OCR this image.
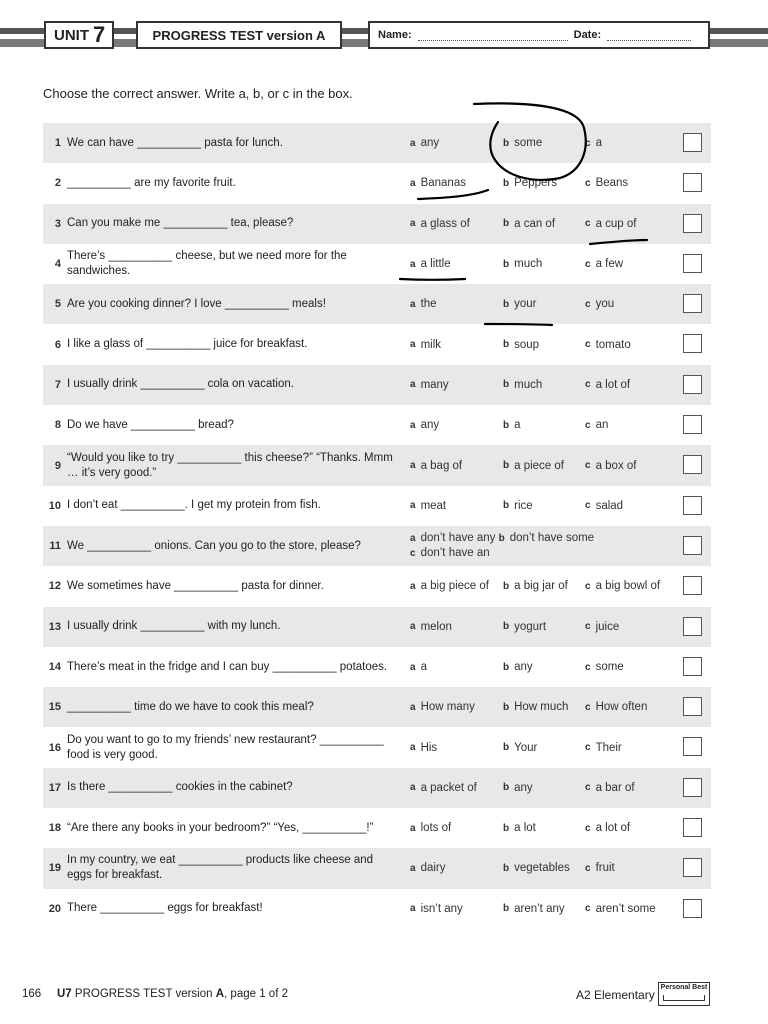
UNIT 7	PROGRESS TEST version A	Name:	Date:
Choose the correct answer. Write a, b, or c in the box.
1 We can have __________ pasta for lunch.	a any	b some	c a
2 __________ are my favorite fruit.	a Bananas	b Peppers	c Beans
3 Can you make me __________ tea, please?	a a glass of	b a can of	c a cup of
4
There’s __________ cheese, but we need more for the sandwiches.
a a little	b much	c a few
5 Are you cooking dinner? I love __________ meals!	a the	b your	c you
6 I like a glass of __________ juice for breakfast.	a milk	b soup	c tomato
7 I usually drink __________ cola on vacation.	a many	b much	c a lot of
8 Do we have __________ bread?	a any	b a	c an
9
“Would you like to try __________ this cheese?” “Thanks. Mmm … it’s very good.”
a a bag of	b a piece of c a box of
10 I don’t eat __________. I get my protein from fish.	a meat	b rice	c salad
11 We __________ onions. Can you go to the store, please?
a don’t have any b don’t have some
c don’t have an
12 We sometimes have __________ pasta for dinner.	a a big piece of b a big jar of c a big bowl of
13 I usually drink __________ with my lunch.	a melon	b yogurt	c juice
14 There’s meat in the fridge and I can buy __________ potatoes. a a	b any	c some
15 __________ time do we have to cook this meal?	a How many	b How much c How often
16
Do you want to go to my friends’ new restaurant? __________ food is very good.
a His	b Your	c Their
17 Is there __________ cookies in the cabinet?	a a packet of	b any	c a bar of
18 “Are there any books in your bedroom?” “Yes, __________!”	a lots of	b a lot	c a lot of
19
In my country, we eat __________ products like cheese and eggs for breakfast.
a dairy	b vegetables c fruit
20 There __________ eggs for breakfast!	a isn’t any	b aren’t any c aren’t some
166 U7 PROGRESS TEST version A, page 1 of 2	A2 Elementary
Personal Best
